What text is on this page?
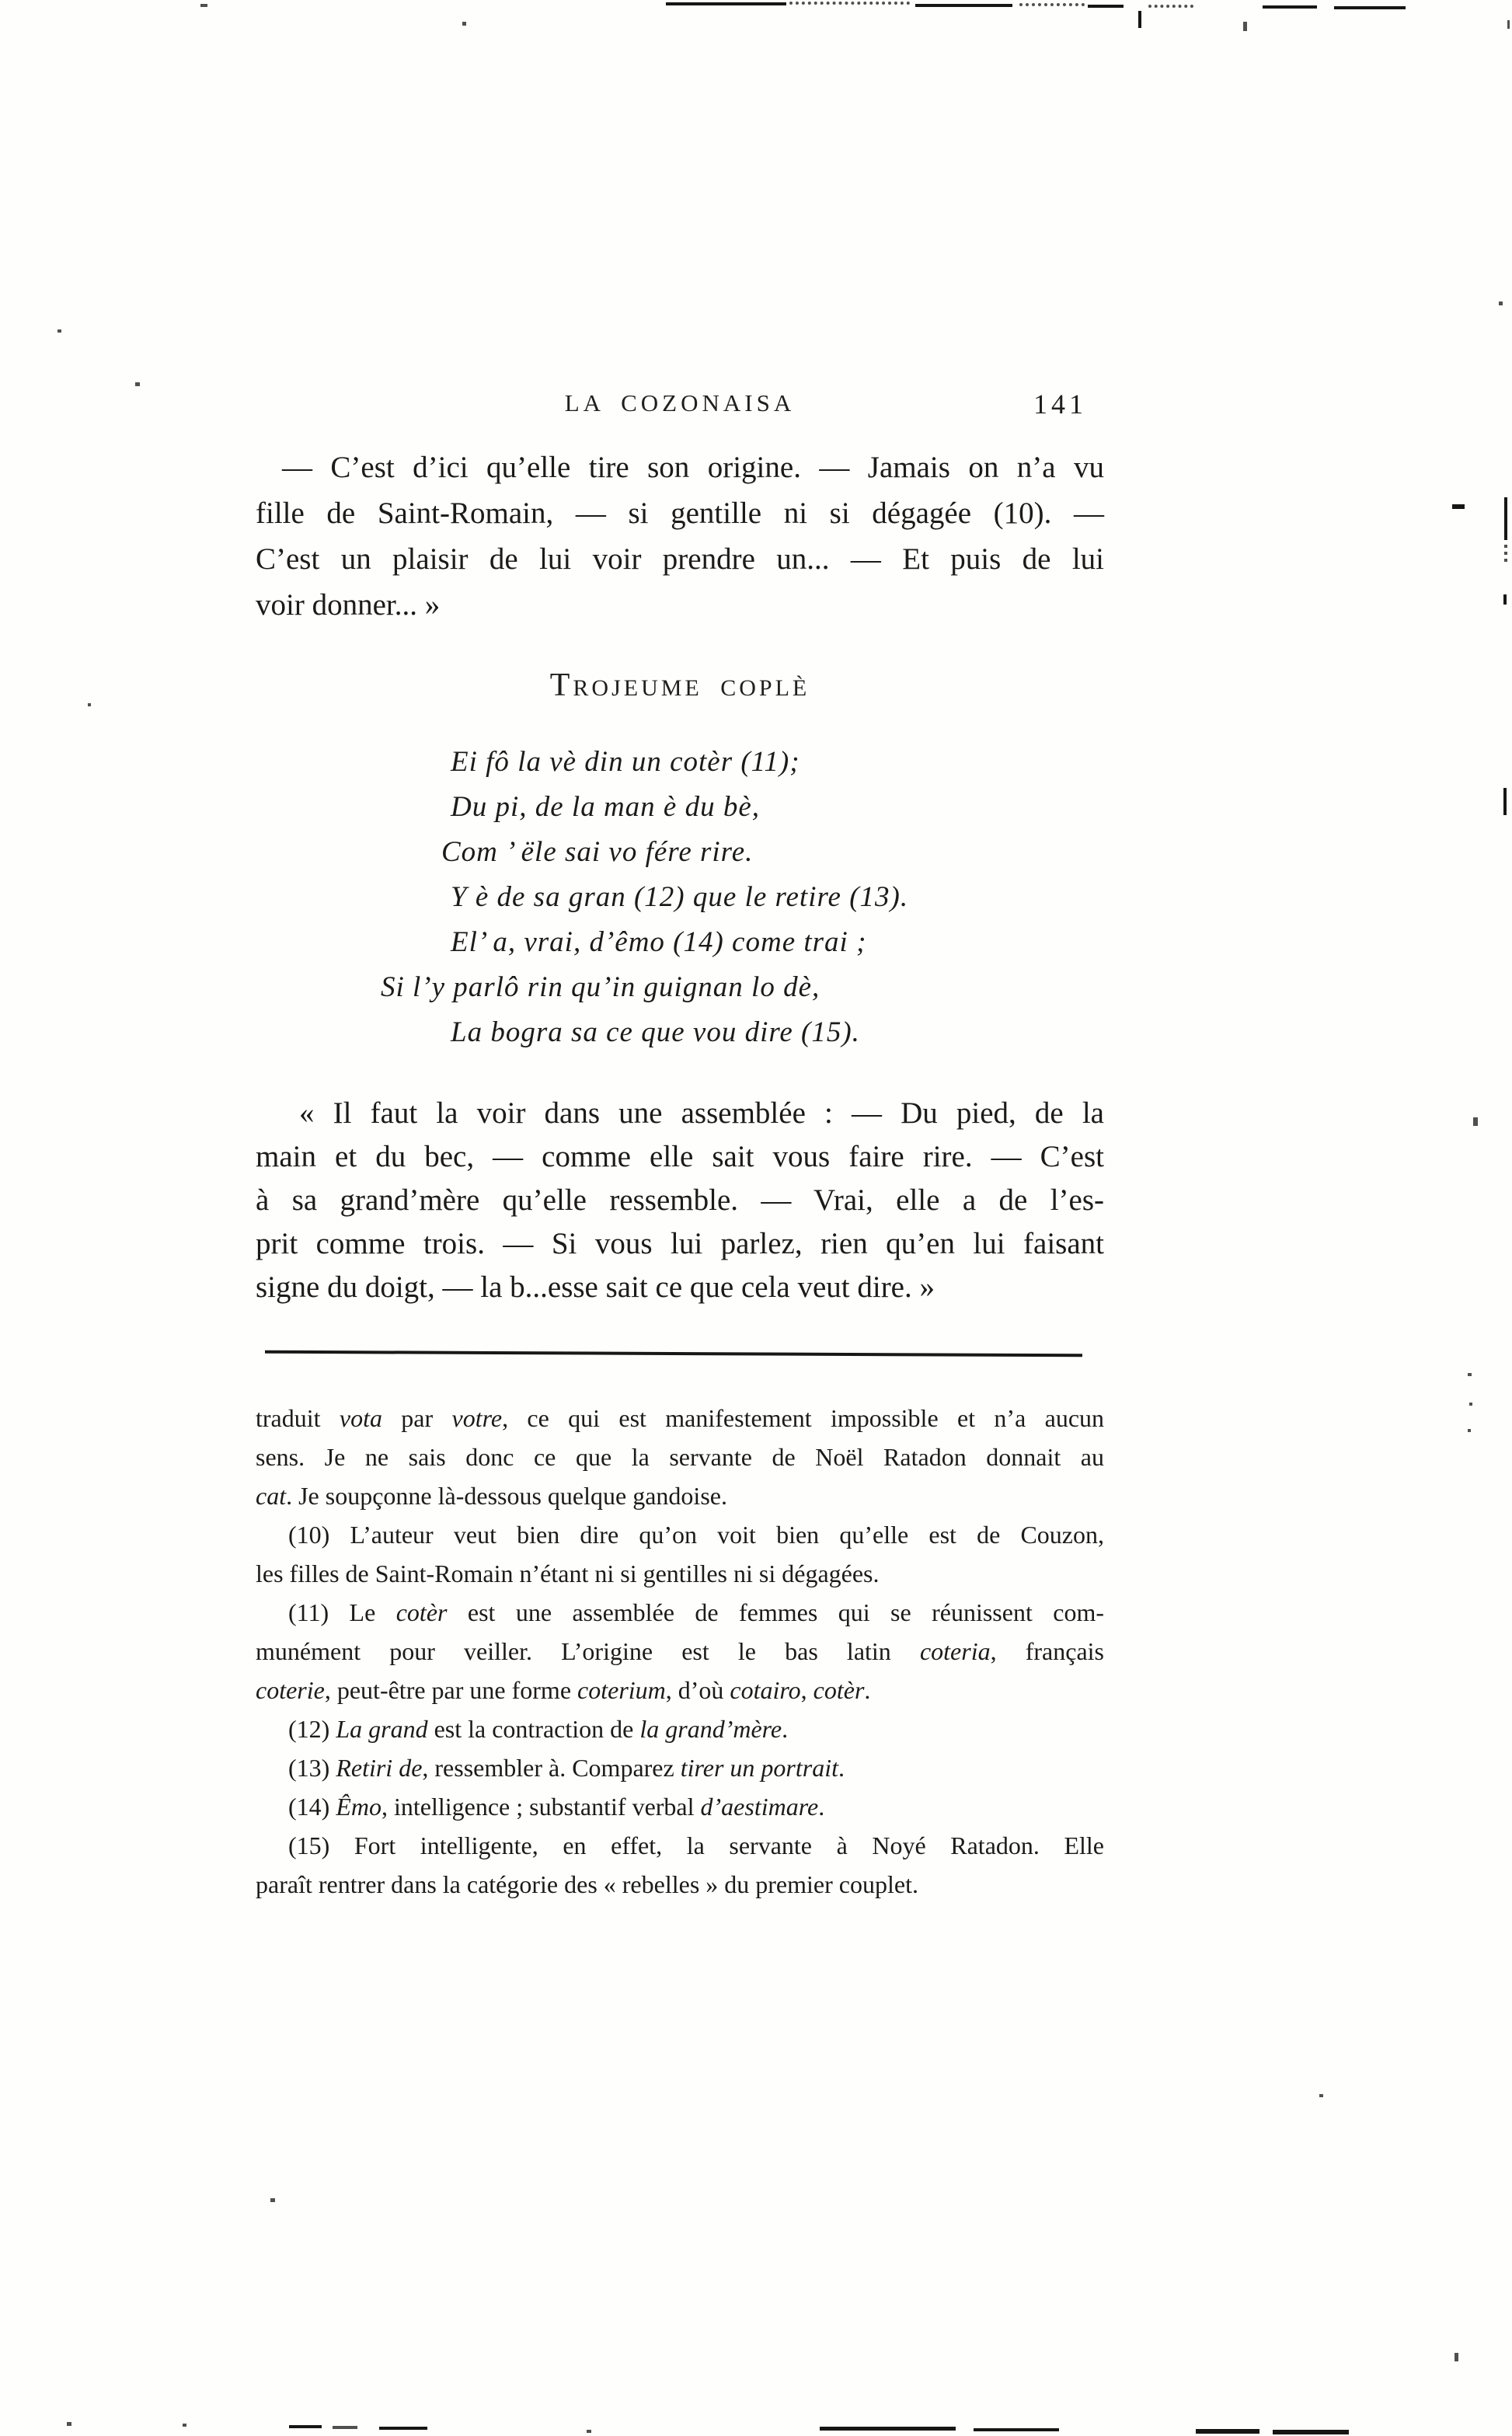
LA COZONAISA	141
— C’est d’ici qu’elle tire son origine. — Jamais on n’a vu
fille de Saint-Romain, — si gentille ni si dégagée (10). —
C’est un plaisir de lui voir prendre un... — Et puis de lui
voir donner... »
TROJEUME COPLÈ
Ei fô la vè din un cotèr (11);
Du pi, de la man è du bè,
Com ’ ële sai vo fére rire.
Y è de sa gran (12) que le retire (13).
El’ a, vrai, d’êmo (14) come trai ;
Si l’y parlô rin qu’in guignan lo dè,
La bogra sa ce que vou dire (15).
« Il faut la voir dans une assemblée : — Du pied, de la
main et du bec, — comme elle sait vous faire rire. — C’est
à sa grand’mère qu’elle ressemble. — Vrai, elle a de l’es-
prit comme trois. — Si vous lui parlez, rien qu’en lui faisant
signe du doigt, — la b...esse sait ce que cela veut dire. »
traduit vota par votre, ce qui est manifestement impossible et n’a aucun
sens. Je ne sais donc ce que la servante de Noël Ratadon donnait au
cat. Je soupçonne là-dessous quelque gandoise.
(10) L’auteur veut bien dire qu’on voit bien qu’elle est de Couzon,
les filles de Saint-Romain n’étant ni si gentilles ni si dégagées.
(11) Le cotèr est une assemblée de femmes qui se réunissent com-
munément pour veiller. L’origine est le bas latin coteria, français
coterie, peut-être par une forme coterium, d’où cotairo, cotèr.
(12) La grand est la contraction de la grand’mère.
(13) Retiri de, ressembler à. Comparez tirer un portrait.
(14) Êmo, intelligence ; substantif verbal d’aestimare.
(15) Fort intelligente, en effet, la servante à Noyé Ratadon. Elle
paraît rentrer dans la catégorie des « rebelles » du premier couplet.
